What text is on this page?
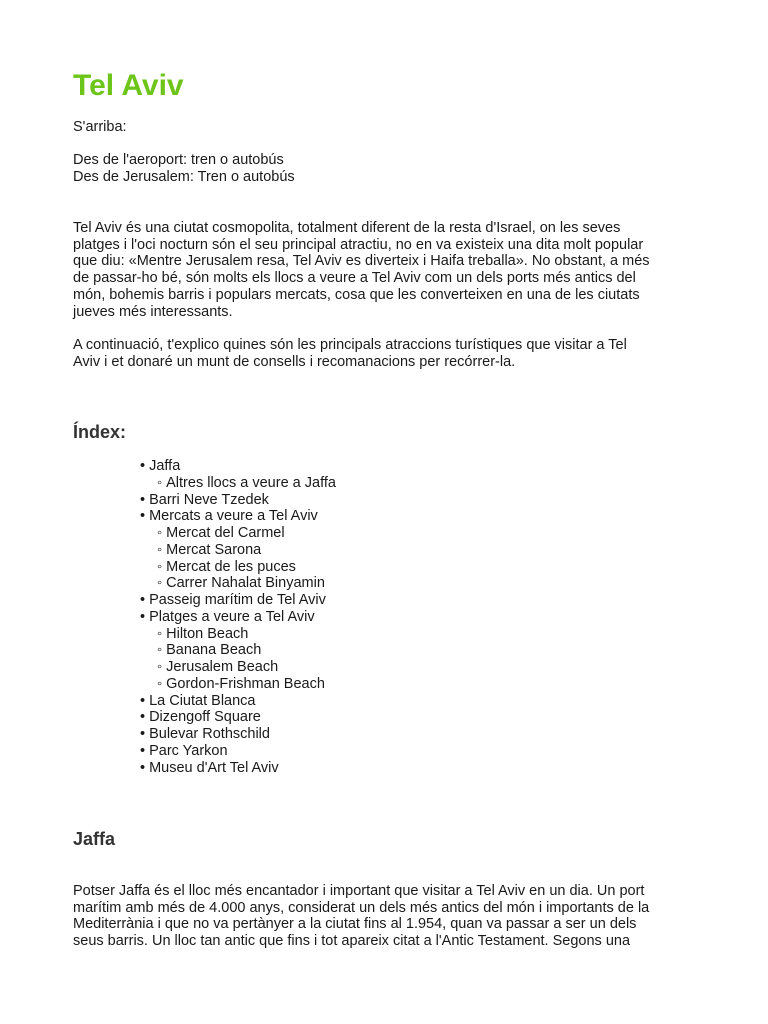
Tel Aviv

S'arriba:

Des de l'aeroport: tren o autobús

Des de Jerusalem: Tren o autobús

Tel Aviv és una ciutat cosmopolita, totalment diferent de la resta d'Israel, on les seves

platges i l'oci nocturn són el seu principal atractiu, no en va existeix una dita molt popular

que diu: «Mentre Jerusalem resa, Tel Aviv es diverteix i Haifa treballa». No obstant, a més

de passar-ho bé, són molts els llocs a veure a Tel Aviv com un dels ports més antics del

món, bohemis barris i populars mercats, cosa que les converteixen en una de les ciutats

jueves més interessants.

A continuació, t'explico quines són les principals atraccions turístiques que visitar a Tel

Aviv i et donaré un munt de consells i recomanacions per recórrer-la.

Índex:
• Jaffa
◦ Altres llocs a veure a Jaffa
• Barri Neve Tzedek
• Mercats a veure a Tel Aviv
◦ Mercat del Carmel
◦ Mercat Sarona
◦ Mercat de les puces
◦ Carrer Nahalat Binyamin
• Passeig marítim de Tel Aviv
• Platges a veure a Tel Aviv
◦ Hilton Beach
◦ Banana Beach
◦ Jerusalem Beach
◦ Gordon-Frishman Beach
• La Ciutat Blanca
• Dizengoff Square
• Bulevar Rothschild
• Parc Yarkon
• Museu d'Art Tel Aviv
Jaffa

Potser Jaffa és el lloc més encantador i important que visitar a Tel Aviv en un dia. Un port

marítim amb més de 4.000 anys, considerat un dels més antics del món i importants de la

Mediterrània i que no va pertànyer a la ciutat fins al 1.954, quan va passar a ser un dels

seus barris. Un lloc tan antic que fins i tot apareix citat a l'Antic Testament. Segons una
